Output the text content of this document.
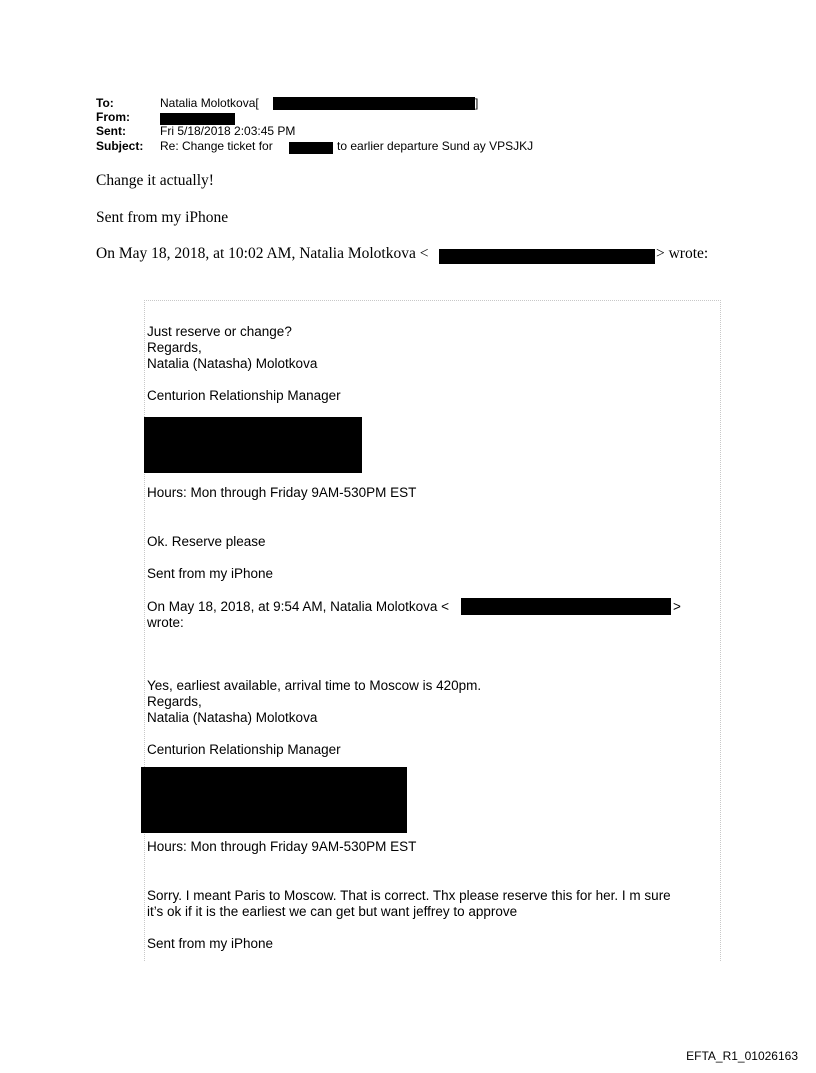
To:	Natalia Molotkova[	]
From:
Sent:	Fri 5/18/2018 2:03:45 PM
Subject: Re: Change ticket for	to earlier departure Sund ay VPSJKJ
Change it actually!
Sent from my iPhone
On May 18, 2018, at 10:02 AM, Natalia Molotkova <	> wrote:
Just reserve or change?
Regards,
Natalia (Natasha) Molotkova
Centurion Relationship Manager
Hours: Mon through Friday 9AM-530PM EST
Ok. Reserve please
Sent from my iPhone
On May 18, 2018, at 9:54 AM, Natalia Molotkova <	>
wrote:
Yes, earliest available, arrival time to Moscow is 420pm.
Regards,
Natalia (Natasha) Molotkova
Centurion Relationship Manager
Hours: Mon through Friday 9AM-530PM EST
Sorry. I meant Paris to Moscow. That is correct. Thx please reserve this for her. I m sure
it’s ok if it is the earliest we can get but want jeffrey to approve
Sent from my iPhone
EFTA_R1_01026163
